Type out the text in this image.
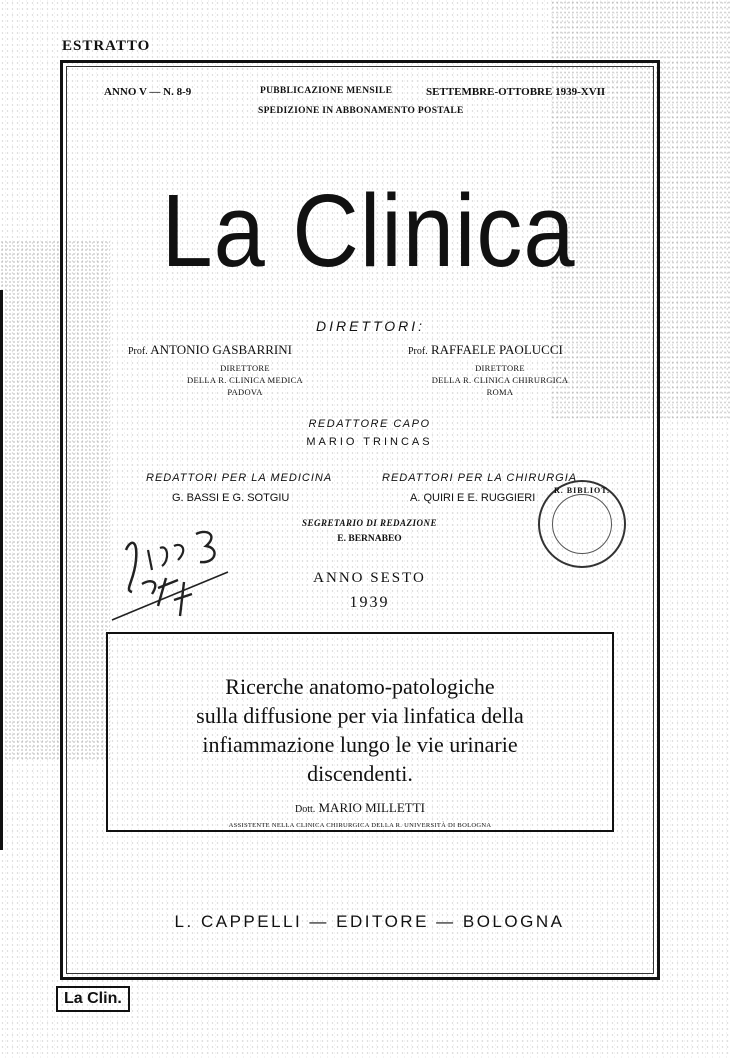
ESTRATTO
ANNO V — N. 8-9	PUBBLICAZIONE MENSILE	SETTEMBRE-OTTOBRE 1939-XVII
SPEDIZIONE IN ABBONAMENTO POSTALE
La Clinica
DIRETTORI:
Prof. ANTONIO GASBARRINI	Prof. RAFFAELE PAOLUCCI
DIRETTORE
DELLA R. CLINICA MEDICA
PADOVA
DIRETTORE
DELLA R. CLINICA CHIRURGICA
ROMA
REDATTORE CAPO
MARIO TRINCAS
REDATTORI PER LA MEDICINA	REDATTORI PER LA CHIRURGIA
G. BASSI E G. SOTGIU	A. QUIRI E E. RUGGIERI
SEGRETARIO DI REDAZIONE
E. BERNABEO
R. BIBLIOT.
ANNO SESTO
1939
Ricerche anatomo-patologiche
sulla diffusione per via linfatica della
infiammazione lungo le vie urinarie
discendenti.
Dott. MARIO MILLETTI
ASSISTENTE NELLA CLINICA CHIRURGICA DELLA R. UNIVERSITÀ DI BOLOGNA
L. CAPPELLI — EDITORE — BOLOGNA
La Clin.
